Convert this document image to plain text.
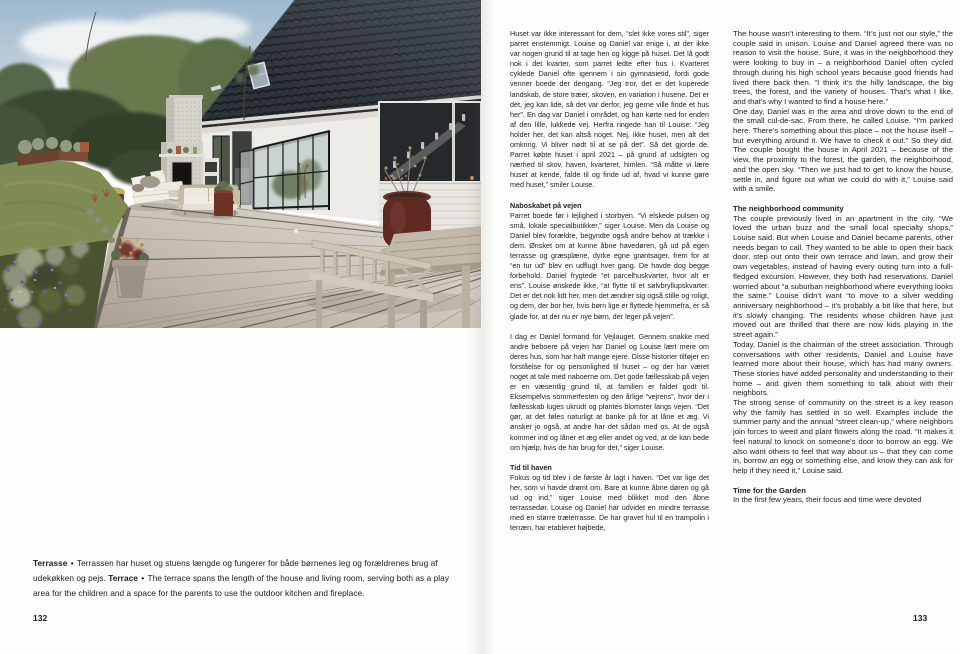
Terrasse • Terrassen har huset og stuens længde og fungerer for både børnenes leg og forældrenes brug af udekøkken og pejs. Terrace • The terrace spans the length of the house and living room, serving both as a play area for the children and a space for the parents to use the outdoor kitchen and fireplace.
132	133

Huset var ikke interessant for dem, “slet ikke vores stil”, siger parret enstemmigt. Louise og Daniel var enige i, at der ikke var nogen grund til at tage hen og kigge på huset. Det lå godt nok i det kvarter, som parret ledte efter hus i. Kvarteret cyklede Daniel ofte igennem i sin gymnasietid, fordi gode venner boede der dengang. “Jeg tror, det er det kuperede landskab, de store træer, skoven, en variation i husene. Det er det, jeg kan lide, så det var derfor, jeg gerne ville finde et hus her”. En dag var Daniel i området, og han kørte ned for enden af den lille, lukkede vej. Herfra ringede han til Louise: “Jeg holder her, det kan altså noget. Nej, ikke huset, men alt det omkring. Vi bliver nødt til at se på det”. Så det gjorde de. Parret købte huset i april 2021 – på grund af udsigten og nærhed til skov, haven, kvarteret, himlen. “Så måtte vi lære huset at kende, falde til og finde ud af, hvad vi kunne gøre med huset,” smiler Louise.

Naboskabet på vejen

Parret boede før i lejlighed i storbyen. “Vi elskede pulsen og små, lokale specialbutikker,” siger Louise. Men da Louise og Daniel blev forældre, begyndte også andre behov at trække i dem. Ønsket om at kunne åbne havedøren, gå ud på egen terrasse og græsplæne, dyrke egne grøntsager, frem for at “en tur ud” blev en udflugt hver gang. De havde dog begge forbehold. Daniel frygtede “et parcelhuskvarter, hvor alt er ens”. Louise ønskede ikke, “at flytte til et sølvbryllupskvarter. Det er det nok lidt her, men det ændrer sig også stille og roligt, og dem, der bor her, hvis børn lige er flyttede hjemmefra, er så glade for, at der nu er nye børn, der leger på vejen”.

I dag er Daniel formand for Vejlauget. Gennem snakke med andre beboere på vejen har Daniel og Louise lært mere om deres hus, som har haft mange ejere. Disse historier tilføjer en forståelse for og personlighed til huset – og der har været noget at tale med naboerne om. Det gode fællesskab på vejen er en væsentlig grund til, at familien er faldet godt til. Eksempelvis sommerfesten og den årlige “vejrens”, hvor der i fællesskab luges ukrudt og plantes blomster langs vejen. “Det gør, at det føles naturligt at banke på for at låne et æg. Vi ønsker jo også, at andre har det sådan med os. At de også kommer ind og låner et æg eller andet og ved, at de kan bede om hjælp, hvis de har brug for det,” siger Louise.

Tid til haven

Fokus og tid blev i de første år lagt i haven. “Det var lige det her, som vi havde drømt om. Bare at kunne åbne døren og gå ud og ind,” siger Louise med blikket mod den åbne terrassedør. Louise og Daniel har udvidet en mindre terrasse med en større træterrasse. De har gravet hul til en trampolin i terræn, har etableret højbede,

The house wasn’t interesting to them. “It’s just not our style,” the couple said in unison. Louise and Daniel agreed there was no reason to visit the house. Sure, it was in the neighborhood they were looking to buy in – a neighborhood Daniel often cycled through during his high school years because good friends had lived there back then. “I think it’s the hilly landscape, the big trees, the forest, and the variety of houses. That’s what I like, and that’s why I wanted to find a house here.”

One day, Daniel was in the area and drove down to the end of the small cul-de-sac. From there, he called Louise. “I’m parked here. There’s something about this place – not the house itself – but everything around it. We have to check it out.” So they did. The couple bought the house in April 2021 – because of the view, the proximity to the forest, the garden, the neighborhood, and the open sky. “Then we just had to get to know the house, settle in, and figure out what we could do with it,” Louise said with a smile.

The neighborhood community

The couple previously lived in an apartment in the city. “We loved the urban buzz and the small local specialty shops,” Louise said. But when Louise and Daniel became parents, other needs began to call. They wanted to be able to open their back door, step out onto their own terrace and lawn, and grow their own vegetables, instead of having every outing turn into a full-fledged excursion. However, they both had reservations. Daniel worried about “a suburban neighborhood where everything looks the same.” Louise didn’t want “to move to a silver wedding anniversary neighborhood – it’s probably a bit like that here, but it’s slowly changing. The residents whose children have just moved out are thrilled that there are now kids playing in the street again.”

Today, Daniel is the chairman of the street association. Through conversations with other residents, Daniel and Louise have learned more about their house, which has had many owners. These stories have added personality and understanding to their home – and given them something to talk about with their neighbors.

The strong sense of community on the street is a key reason why the family has settled in so well. Examples include the summer party and the annual “street clean-up,” where neighbors join forces to weed and plant flowers along the road. “It makes it feel natural to knock on someone’s door to borrow an egg. We also want others to feel that way about us – that they can come in, borrow an egg or something else, and know they can ask for help if they need it,” Louise said.

Time for the Garden

In the first few years, their focus and time were devoted
